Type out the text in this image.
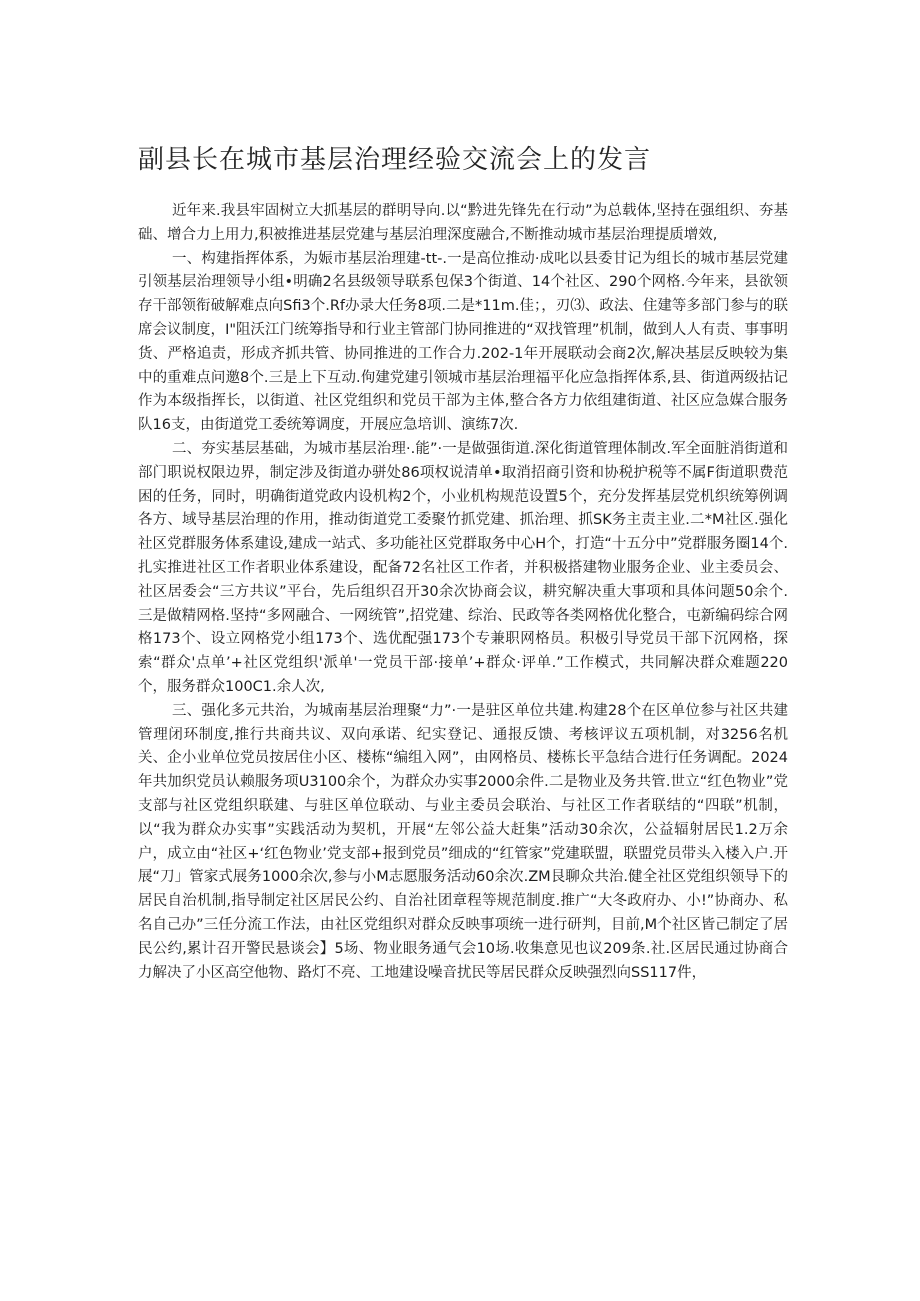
副县长在城市基层治理经验交流会上的发言

近年来.我县牢固树立大抓基层的群明导向.以“黔进先锋先在行动”为总载体,坚持在强组织、夯基础、增合力上用力,积被推进基层党建与基层泊理深度融合,不断推动城市基层治理提质增效,

一、构建指挥体系，为娠市基层治理建-tt-.一是高位推动·成叱以县委甘记为组长的城市基层党建引领基层治理领导小组•明确2名县级领导联系包保3个街道、14个社区、290个网格.今年来，县欲领存干部领衔破解难点向Sfi3个.Rf办录大任务8项.二是*11m.佳；，刃⑶、政法、住建等多部门参与的联席会议制度，I"阻沃江门统筹指导和行业主管部门协同推进的“双找管理”机制，做到人人有责、事事明货、严格追责，形成齐抓共管、协同推进的工作合力.202-1年开展联动会商2次,解决基层反映较为集中的重难点问邀8个.三是上下互动.佝建党建引领城市基层治理福平化应急指挥体系,县、街道两级拈记作为本级指挥长，以街道、社区党组织和党员干部为主体,整合各方力依组建街道、社区应急媒合服务队16支，由街道党工委统筹调度，开展应急培训、演练7次.

二、夯实基层基础，为城市基层治理·.能”·一是做强街道.深化街道管理体制改.军全面脏消街道和部门职说权限边界，制定涉及街道办骈处86项权说清单•取消招商引资和协税护税等不属F街道职费范困的任务，同时，明确街道党政内设机构2个，小业机构规范设置5个，充分发挥基层党机织统筹例调各方、域导基层治理的作用，推动街道党工委聚竹抓党建、抓治理、抓SK务主责主业.二*M社区.强化社区党群服务体系建设,建成一站式、多功能社区党群取务中心H个，打造“十五分中”党群服务圈14个.扎实推进社区工作者职业体系建设，配备72名社区工作者，并积极搭建物业服务企业、业主委员会、社区居委会“三方共议”平台，先后组织召开30余次协商会议，耕究解决重大事项和具体问题50余个.三是做精网格.坚持“多网融合、一网统管”,招党建、综治、民政等各类网格优化整合，屯新编码综合网格173个、设立网格党小组173个、选优配强173个专兼职网格员。积极引导党员干部下沉网格，探索“群众'点单’+社区党组织'派单'一党员干部·接单’+群众·评单.”工作模式，共同解决群众难题220个，服务群众100C1.余人次,

三、强化多元共治，为城南基层治理聚“力”·一是驻区单位共建.构建28个在区单位参与社区共建管理闭环制度,推行共商共议、双向承诺、纪实登记、通报反馈、考核评议五项机制，对3256名机关、企小业单位党员按居住小区、楼栋“编组入网”，由网格员、楼栋长平急结合进行任务调配。2024年共加织党员认赖服务项U3100余个，为群众办实事2000余件.二是物业及务共管.世立“红色物业”党支部与社区党组织联建、与驻区单位联动、与业主委员会联治、与社区工作者联结的“四联”机制，以“我为群众办实事”实践活动为契机，开展“左邻公益大赶集”活动30余次，公益辐射居民1.2万余户，成立由“社区+‘红色物业’党支部+报到党员”细成的“红管家”党建联盟，联盟党员带头入楼入户.开展“刀」管家式展务1000余次,参与小M志愿服务活动60余次.ZM艮聊众共治.健全社区党组织领导下的居民自治机制,指导制定社区居民公约、自治社团章程等规范制度.推广“大冬政府办、小!”协商办、私名自己办”三任分流工作法，由社区党组织对群众反映事项统一进行研判，目前,M个社区皆己制定了居民公约,累计召开警民悬谈会】5场、物业眼务通气会10场.收集意见也议209条.社.区居民通过协商合力解决了小区高空他物、路灯不亮、工地建设噪音扰民等居民群众反映强烈向SS117件，
